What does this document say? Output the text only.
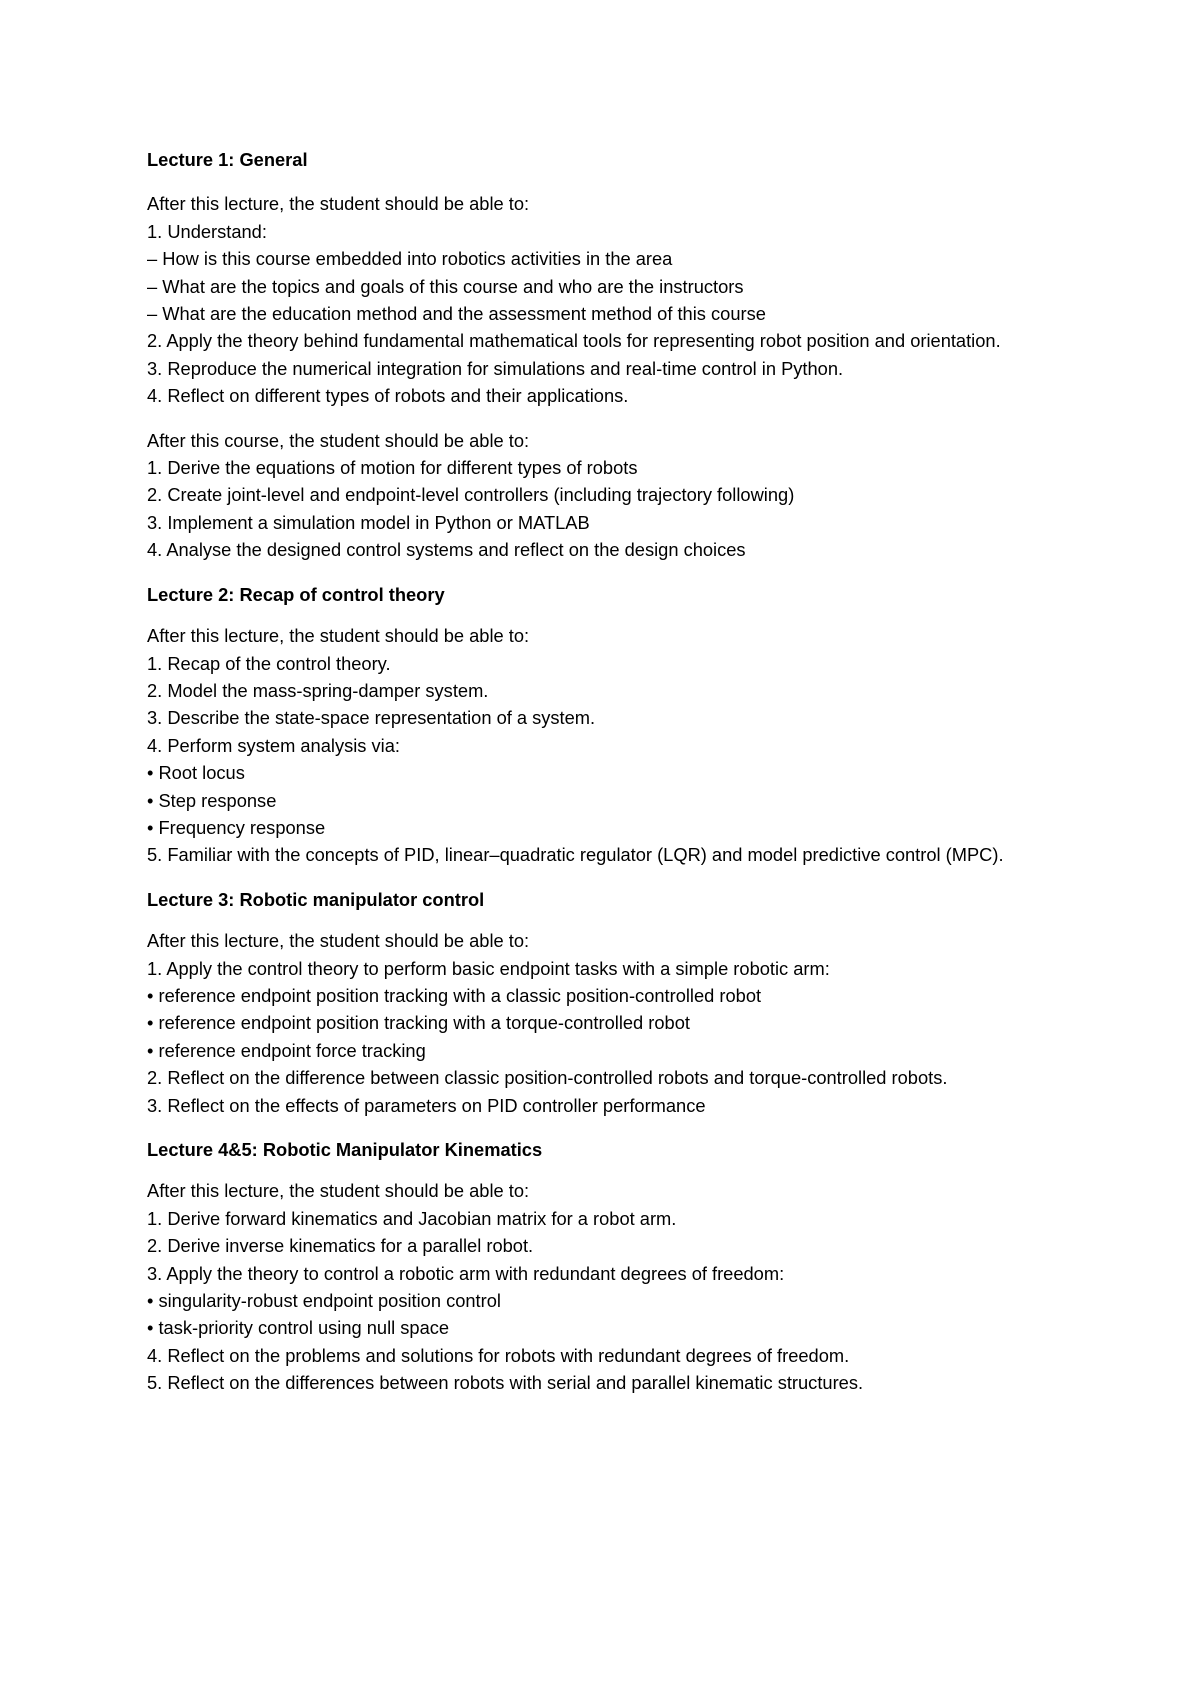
Lecture 1: General

After this lecture, the student should be able to:

1. Understand:

– How is this course embedded into robotics activities in the area

– What are the topics and goals of this course and who are the instructors

– What are the education method and the assessment method of this course

2. Apply the theory behind fundamental mathematical tools for representing robot position and orientation.

3. Reproduce the numerical integration for simulations and real-time control in Python.

4. Reflect on different types of robots and their applications.

After this course, the student should be able to:

1. Derive the equations of motion for different types of robots

2. Create joint-level and endpoint-level controllers (including trajectory following)

3. Implement a simulation model in Python or MATLAB

4. Analyse the designed control systems and reflect on the design choices

Lecture 2: Recap of control theory

After this lecture, the student should be able to:

1. Recap of the control theory.

2. Model the mass-spring-damper system.

3. Describe the state-space representation of a system.

4. Perform system analysis via:

• Root locus

• Step response

• Frequency response

5. Familiar with the concepts of PID, linear–quadratic regulator (LQR) and model predictive control (MPC).

Lecture 3: Robotic manipulator control

After this lecture, the student should be able to:

1. Apply the control theory to perform basic endpoint tasks with a simple robotic arm:

• reference endpoint position tracking with a classic position-controlled robot

• reference endpoint position tracking with a torque-controlled robot

• reference endpoint force tracking

2. Reflect on the difference between classic position-controlled robots and torque-controlled robots.

3. Reflect on the effects of parameters on PID controller performance

Lecture 4&5: Robotic Manipulator Kinematics

After this lecture, the student should be able to:

1. Derive forward kinematics and Jacobian matrix for a robot arm.

2. Derive inverse kinematics for a parallel robot.

3. Apply the theory to control a robotic arm with redundant degrees of freedom:

• singularity-robust endpoint position control

• task-priority control using null space

4. Reflect on the problems and solutions for robots with redundant degrees of freedom.

5. Reflect on the differences between robots with serial and parallel kinematic structures.
